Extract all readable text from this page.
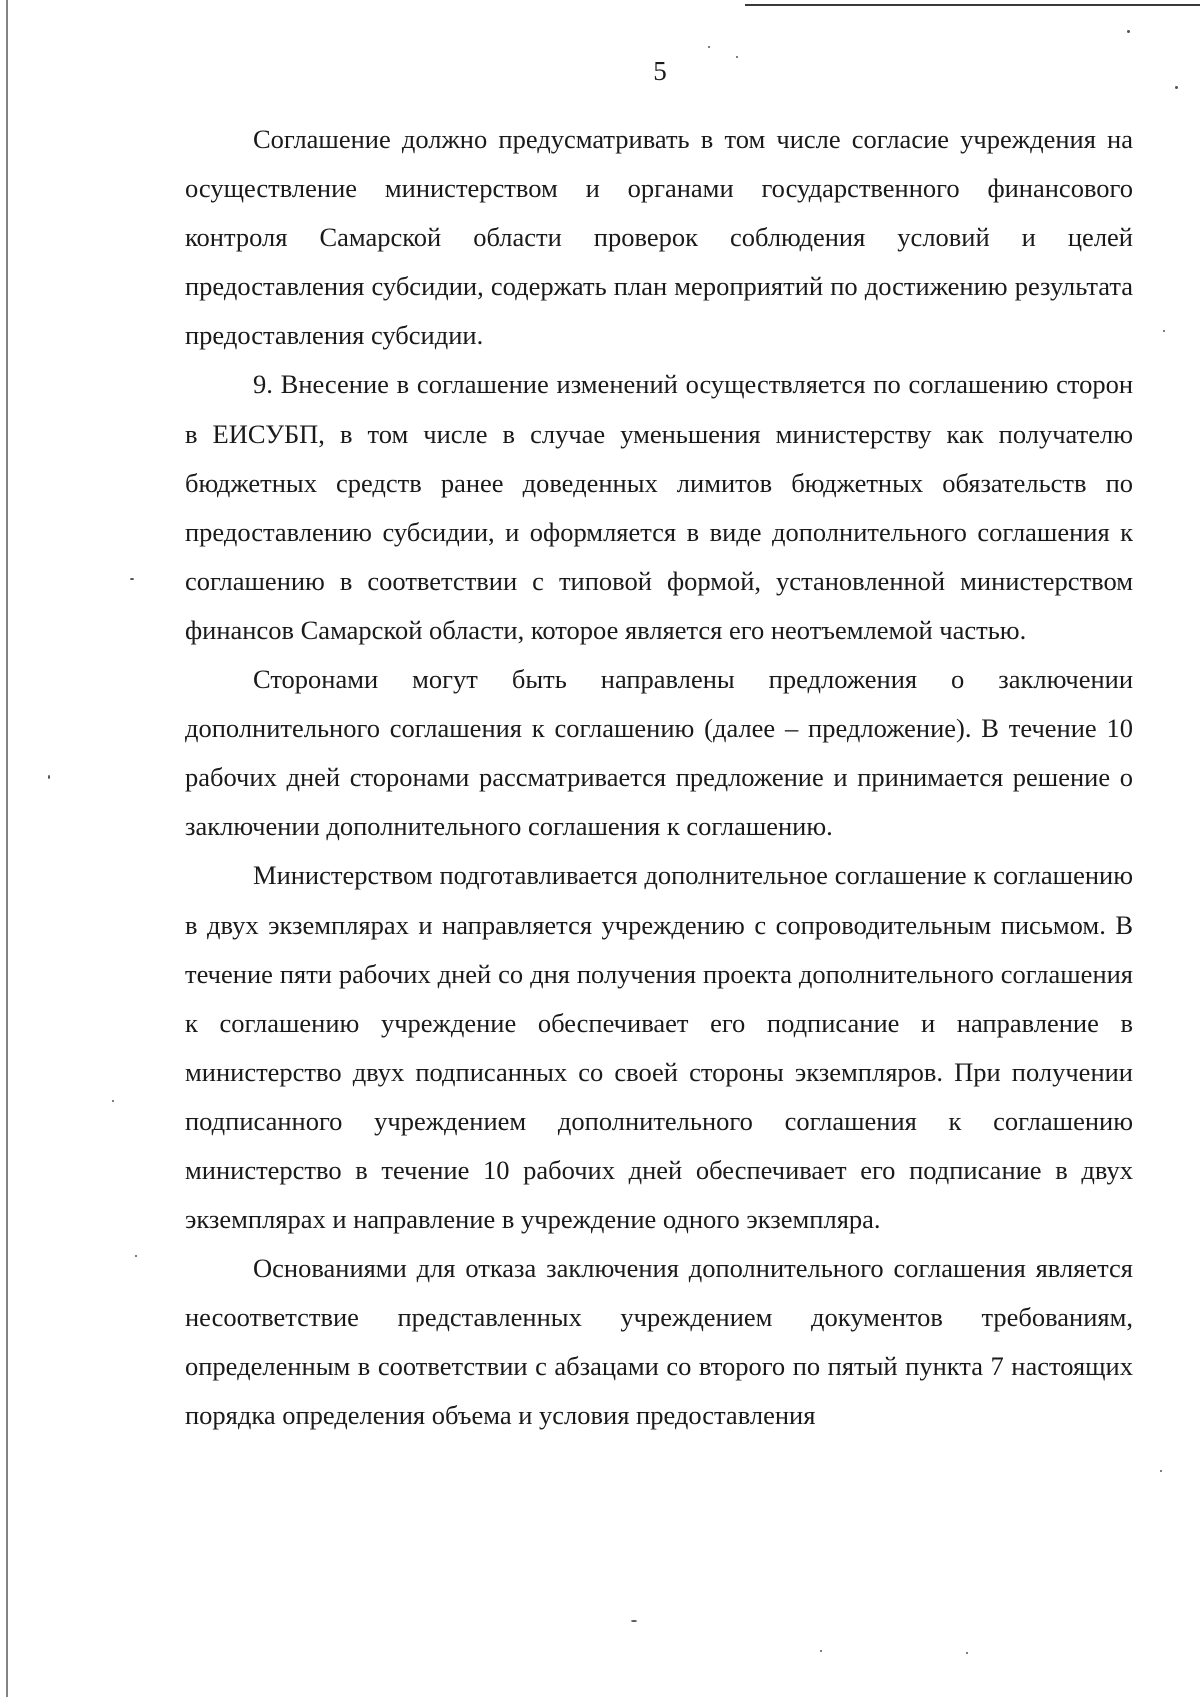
5

Соглашение должно предусматривать в том числе согласие учреждения на осуществление министерством и органами государственного финансового контроля Самарской области проверок соблюдения условий и целей предоставления субсидии, содержать план мероприятий по достижению результата предоставления субсидии.

9. Внесение в соглашение изменений осуществляется по соглашению сторон в ЕИСУБП, в том числе в случае уменьшения министерству как получателю бюджетных средств ранее доведенных лимитов бюджетных обязательств по предоставлению субсидии, и оформляется в виде дополнительного соглашения к соглашению в соответствии с типовой формой, установленной министерством финансов Самарской области, которое является его неотъемлемой частью.

Сторонами могут быть направлены предложения о заключении дополнительного соглашения к соглашению (далее – предложение). В течение 10 рабочих дней сторонами рассматривается предложение и принимается решение о заключении дополнительного соглашения к соглашению.

Министерством подготавливается дополнительное соглашение к соглашению в двух экземплярах и направляется учреждению с сопроводительным письмом. В течение пяти рабочих дней со дня получения проекта дополнительного соглашения к соглашению учреждение обеспечивает его подписание и направление в министерство двух подписанных со своей стороны экземпляров. При получении подписанного учреждением дополнительного соглашения к соглашению министерство в течение 10 рабочих дней обеспечивает его подписание в двух экземплярах и направление в учреждение одного экземпляра.

Основаниями для отказа заключения дополнительного соглашения является несоответствие представленных учреждением документов требованиям, определенным в соответствии с абзацами со второго по пятый пункта 7 настоящих порядка определения объема и условия предоставления
